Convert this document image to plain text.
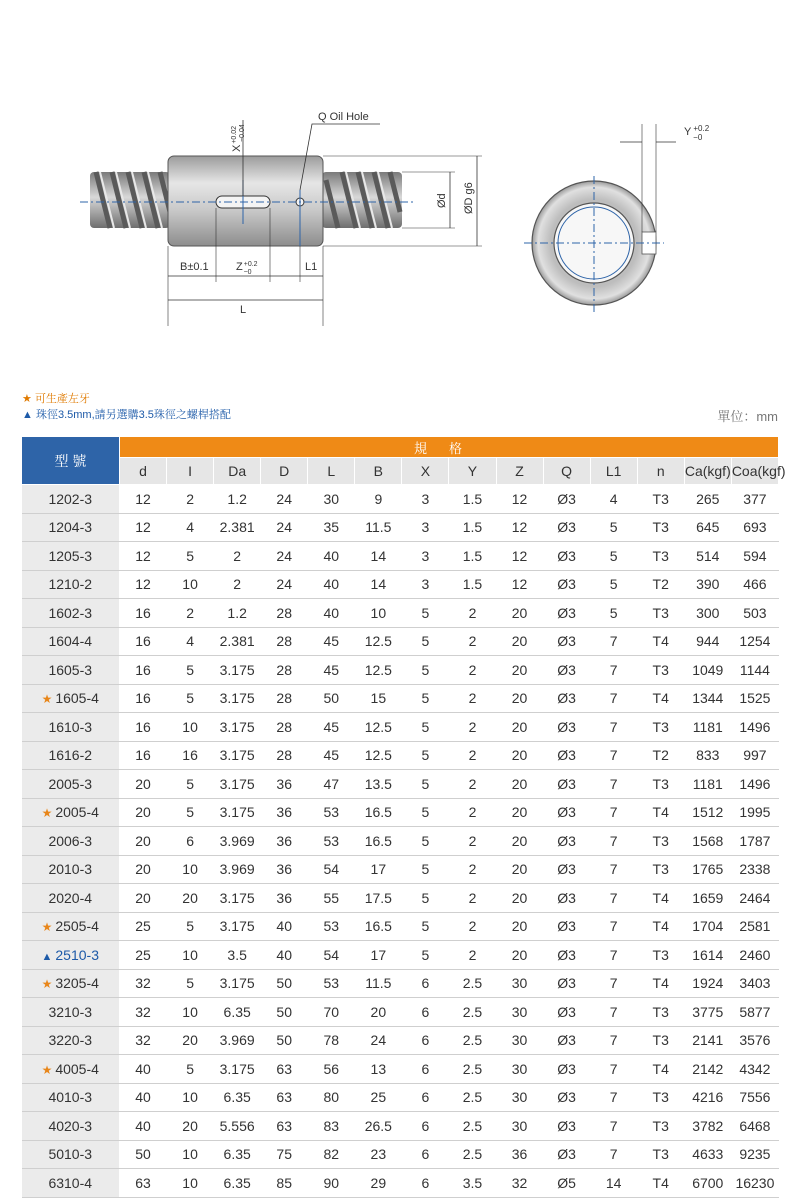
$X^{+0.02}-0.04$
Q Oil Hole
Ød ØD g6
B±0.1 $Z^{+0.2} -0$	L1
L
Y $^{+0.2}$ −0
★ 可生產左牙
▲ 珠徑3.5mm,請另選購3.5珠徑之螺桿搭配	單位：mm
型 號	規格													
	d	I	Da	D	L	B	X	Y	Z	Q	L1	n	Ca(kgf)	Coa(kgf)
1202-3	12	2	1.2	24	30	9	3	1.5	12	Ø3	4	T3	265	377
1204-3	12	4	2.381	24	35	11.5	3	1.5	12	Ø3	5	T3	645	693
1205-3	12	5	2	24	40	14	3	1.5	12	Ø3	5	T3	514	594
1210-2	12	10	2	24	40	14	3	1.5	12	Ø3	5	T2	390	466
1602-3	16	2	1.2	28	40	10	5	2	20	Ø3	5	T3	300	503
1604-4	16	4	2.381	28	45	12.5	5	2	20	Ø3	7	T4	944	1254
1605-3	16	5	3.175	28	45	12.5	5	2	20	Ø3	7	T3	1049	1144
★ 1605-4	16	5	3.175	28	50	15	5	2	20	Ø3	7	T4	1344	1525
1610-3	16	10	3.175	28	45	12.5	5	2	20	Ø3	7	T3	1181	1496
1616-2	16	16	3.175	28	45	12.5	5	2	20	Ø3	7	T2	833	997
2005-3	20	5	3.175	36	47	13.5	5	2	20	Ø3	7	T3	1181	1496
★ 2005-4	20	5	3.175	36	53	16.5	5	2	20	Ø3	7	T4	1512	1995
2006-3	20	6	3.969	36	53	16.5	5	2	20	Ø3	7	T3	1568	1787
2010-3	20	10	3.969	36	54	17	5	2	20	Ø3	7	T3	1765	2338
2020-4	20	20	3.175	36	55	17.5	5	2	20	Ø3	7	T4	1659	2464
★ 2505-4	25	5	3.175	40	53	16.5	5	2	20	Ø3	7	T4	1704	2581
▲ 2510-3	25	10	3.5	40	54	17	5	2	20	Ø3	7	T3	1614	2460
★ 3205-4	32	5	3.175	50	53	11.5	6	2.5	30	Ø3	7	T4	1924	3403
3210-3	32	10	6.35	50	70	20	6	2.5	30	Ø3	7	T3	3775	5877
3220-3	32	20	3.969	50	78	24	6	2.5	30	Ø3	7	T3	2141	3576
★ 4005-4	40	5	3.175	63	56	13	6	2.5	30	Ø3	7	T4	2142	4342
4010-3	40	10	6.35	63	80	25	6	2.5	30	Ø3	7	T3	4216	7556
4020-3	40	20	5.556	63	83	26.5	6	2.5	30	Ø3	7	T3	3782	6468
5010-3	50	10	6.35	75	82	23	6	2.5	36	Ø3	7	T3	4633	9235
6310-4	63	10	6.35	85	90	29	6	3.5	32	Ø5	14	T4	6700	16230
